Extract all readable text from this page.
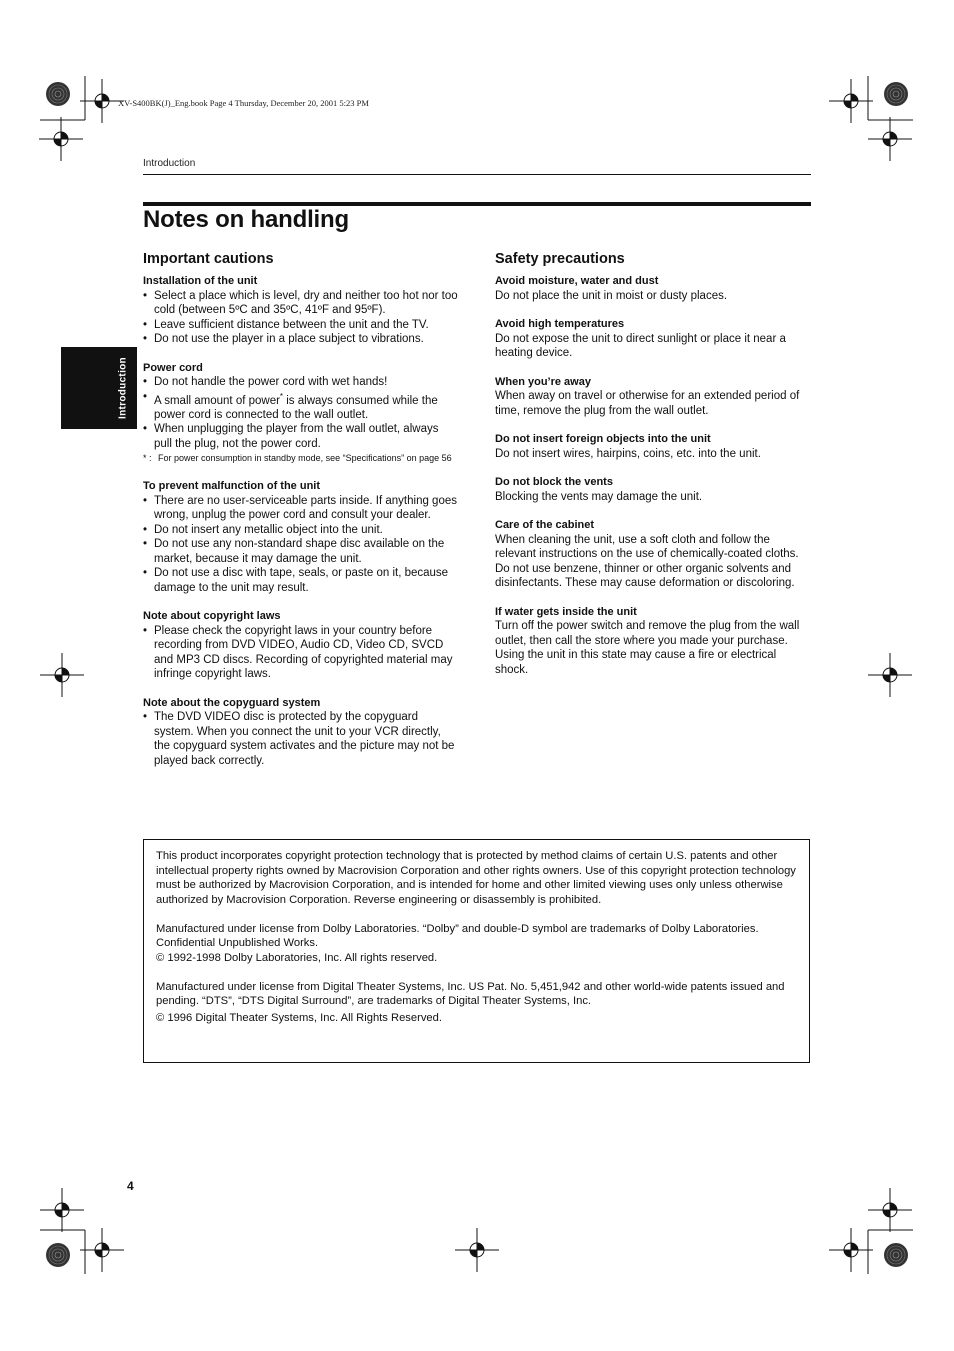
XV-S400BK(J)_Eng.book Page 4 Thursday, December 20, 2001 5:23 PM
Introduction
Introduction
Notes on handling
Important cautions
Installation of the unit
• Select a place which is level, dry and neither too hot nor too cold (between 5ºC and 35ºC, 41ºF and 95ºF).
• Leave sufficient distance between the unit and the TV.
• Do not use the player in a place subject to vibrations.
Power cord
• Do not handle the power cord with wet hands!
• A small amount of power* is always consumed while the power cord is connected to the wall outlet.
• When unplugging the player from the wall outlet, always pull the plug, not the power cord.
* : For power consumption in standby mode, see “Specifications” on page 56
To prevent malfunction of the unit
• There are no user-serviceable parts inside. If anything goes wrong, unplug the power cord and consult your dealer.
• Do not insert any metallic object into the unit.
• Do not use any non-standard shape disc available on the market, because it may damage the unit.
• Do not use a disc with tape, seals, or paste on it, because damage to the unit may result.
Note about copyright laws
• Please check the copyright laws in your country before recording from DVD VIDEO, Audio CD, Video CD, SVCD and MP3 CD discs. Recording of copyrighted material may infringe copyright laws.
Note about the copyguard system
• The DVD VIDEO disc is protected by the copyguard system. When you connect the unit to your VCR directly, the copyguard system activates and the picture may not be played back correctly.
Safety precautions
Avoid moisture, water and dust

Do not place the unit in moist or dusty places.

Avoid high temperatures

Do not expose the unit to direct sunlight or place it near a heating device.

When you’re away

When away on travel or otherwise for an extended period of time, remove the plug from the wall outlet.

Do not insert foreign objects into the unit

Do not insert wires, hairpins, coins, etc. into the unit.

Do not block the vents

Blocking the vents may damage the unit.

Care of the cabinet

When cleaning the unit, use a soft cloth and follow the relevant instructions on the use of chemically-coated cloths. Do not use benzene, thinner or other organic solvents and disinfectants. These may cause deformation or discoloring.

If water gets inside the unit

Turn off the power switch and remove the plug from the wall outlet, then call the store where you made your purchase. Using the unit in this state may cause a fire or electrical shock.

This product incorporates copyright protection technology that is protected by method claims of certain U.S. patents and other intellectual property rights owned by Macrovision Corporation and other rights owners. Use of this copyright protection technology must be authorized by Macrovision Corporation, and is intended for home and other limited viewing uses only unless otherwise authorized by Macrovision Corporation. Reverse engineering or disassembly is prohibited.

Manufactured under license from Dolby Laboratories. “Dolby” and double-D symbol are trademarks of Dolby Laboratories.

Confidential Unpublished Works.

© 1992-1998 Dolby Laboratories, Inc. All rights reserved.

Manufactured under license from Digital Theater Systems, Inc. US Pat. No. 5,451,942 and other world-wide patents issued and pending. “DTS”, “DTS Digital Surround”, are trademarks of Digital Theater Systems, Inc.

© 1996 Digital Theater Systems, Inc. All Rights Reserved.

4
